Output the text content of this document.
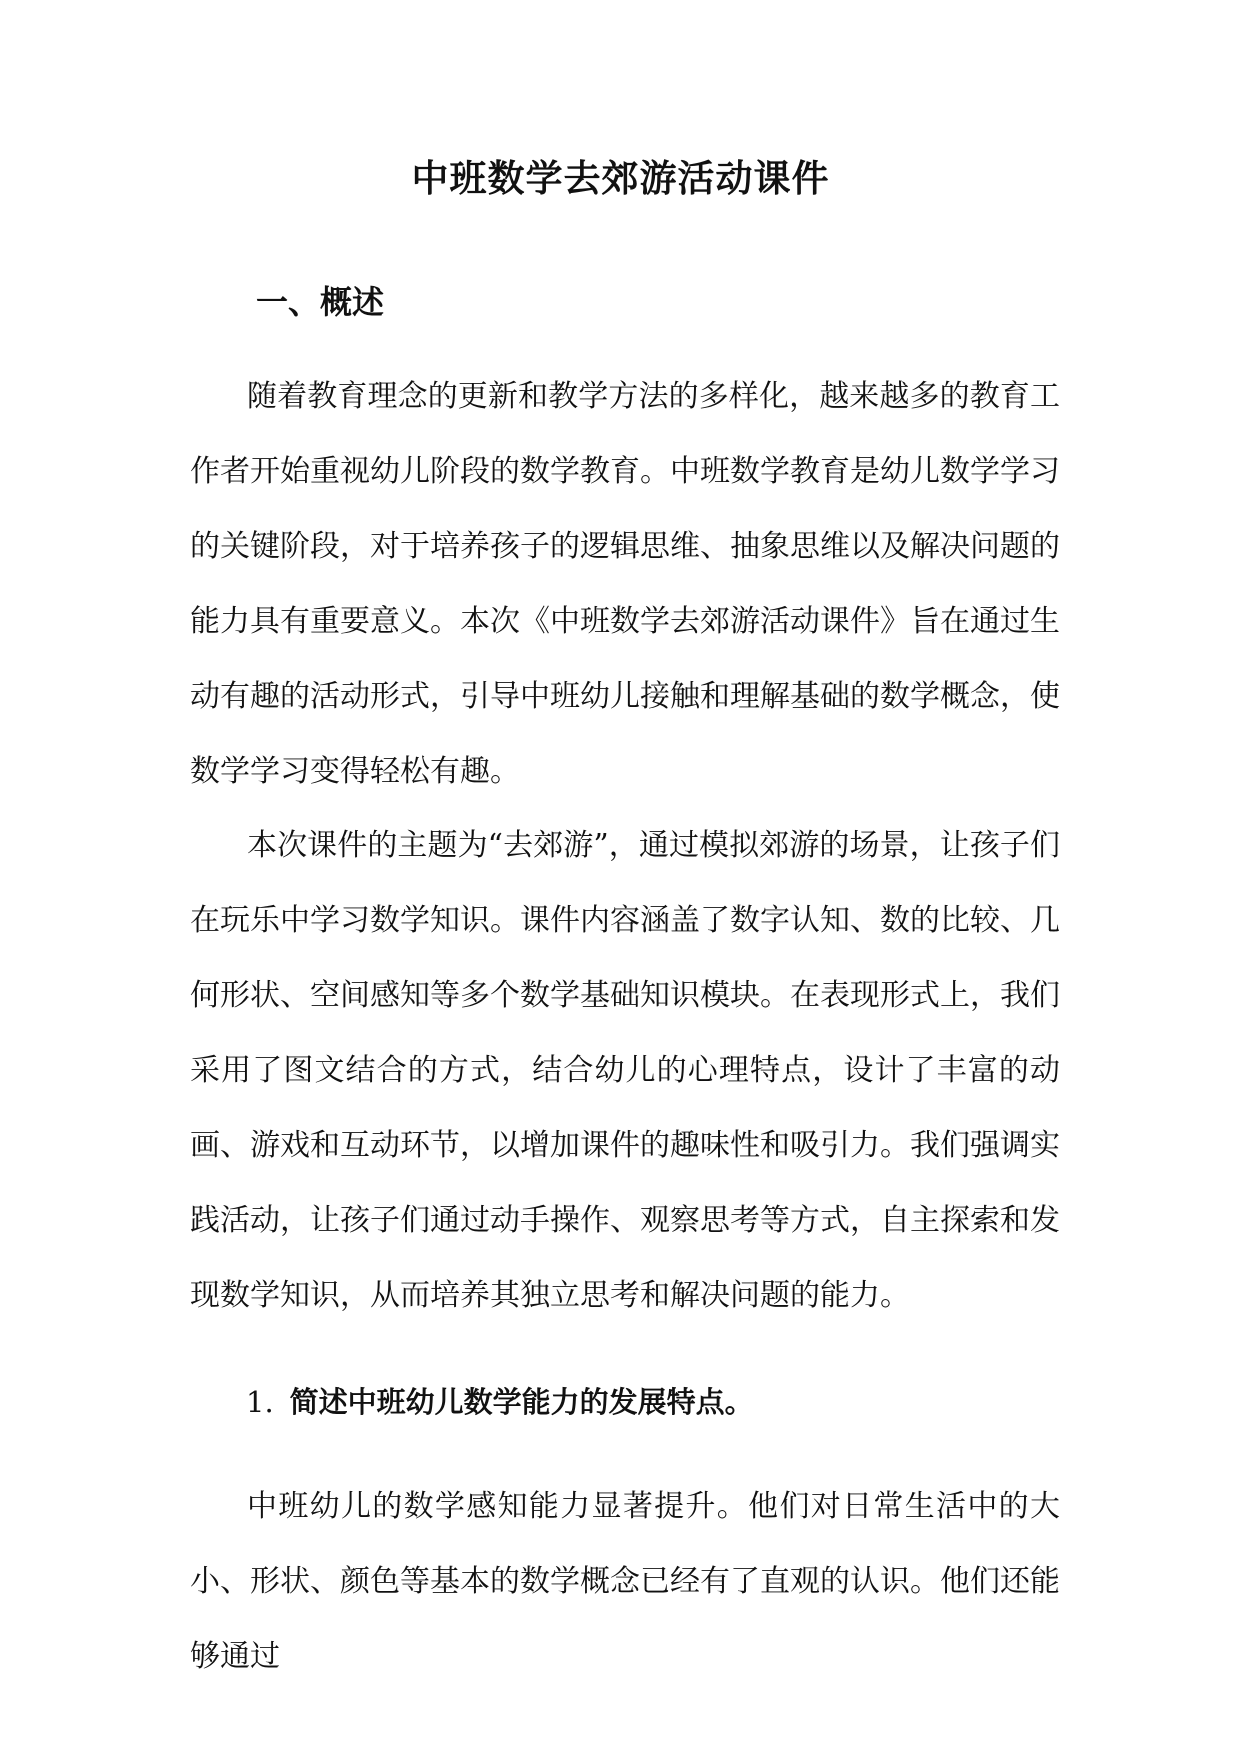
中班数学去郊游活动课件
一、概述

随着教育理念的更新和教学方法的多样化，越来越多的教育工作者开始重视幼儿阶段的数学教育。中班数学教育是幼儿数学学习的关键阶段，对于培养孩子的逻辑思维、抽象思维以及解决问题的能力具有重要意义。本次《中班数学去郊游活动课件》旨在通过生动有趣的活动形式，引导中班幼儿接触和理解基础的数学概念，使数学学习变得轻松有趣。

本次课件的主题为“去郊游”，通过模拟郊游的场景，让孩子们在玩乐中学习数学知识。课件内容涵盖了数字认知、数的比较、几何形状、空间感知等多个数学基础知识模块。在表现形式上，我们采用了图文结合的方式，结合幼儿的心理特点，设计了丰富的动画、游戏和互动环节，以增加课件的趣味性和吸引力。我们强调实践活动，让孩子们通过动手操作、观察思考等方式，自主探索和发现数学知识，从而培养其独立思考和解决问题的能力。

1. 简述中班幼儿数学能力的发展特点。

中班幼儿的数学感知能力显著提升。他们对日常生活中的大小、形状、颜色等基本的数学概念已经有了直观的认识。他们还能够通过
